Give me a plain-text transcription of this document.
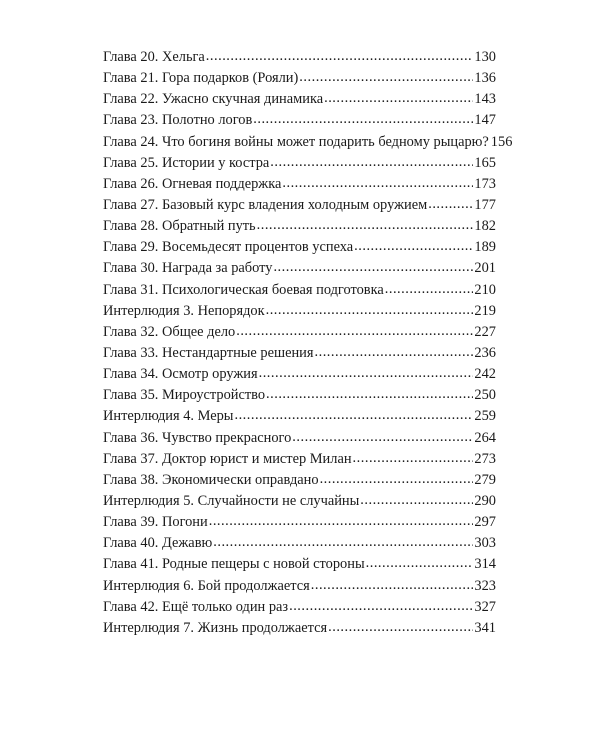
Глава 20. Хельга .....	130
Глава 21. Гора подарков (Рояли) .....	136
Глава 22. Ужасно скучная динамика .....	143
Глава 23. Полотно логов .....	147
Глава 24. Что богиня войны может подарить бедному рыцарю? 156
Глава 25. Истории у костра .....	165
Глава 26. Огневая поддержка .....	173
Глава 27. Базовый курс владения холодным оружием .....	177
Глава 28. Обратный путь .....	182
Глава 29. Восемьдесят процентов успеха .....	189
Глава 30. Награда за работу .....	201
Глава 31. Психологическая боевая подготовка .....	210
Интерлюдия 3. Непорядок .....	219
Глава 32. Общее дело .....	227
Глава 33. Нестандартные решения .....	236
Глава 34. Осмотр оружия .....	242
Глава 35. Мироустройство .....	250
Интерлюдия 4. Меры .....	259
Глава 36. Чувство прекрасного .....	264
Глава 37. Доктор юрист и мистер Милан .....	273
Глава 38. Экономически оправдано .....	279
Интерлюдия 5. Случайности не случайны .....	290
Глава 39. Погони .....	297
Глава 40. Дежавю .....	303
Глава 41. Родные пещеры с новой стороны .....	314
Интерлюдия 6. Бой продолжается .....	323
Глава 42. Ещё только один раз .....	327
Интерлюдия 7. Жизнь продолжается .....	341
